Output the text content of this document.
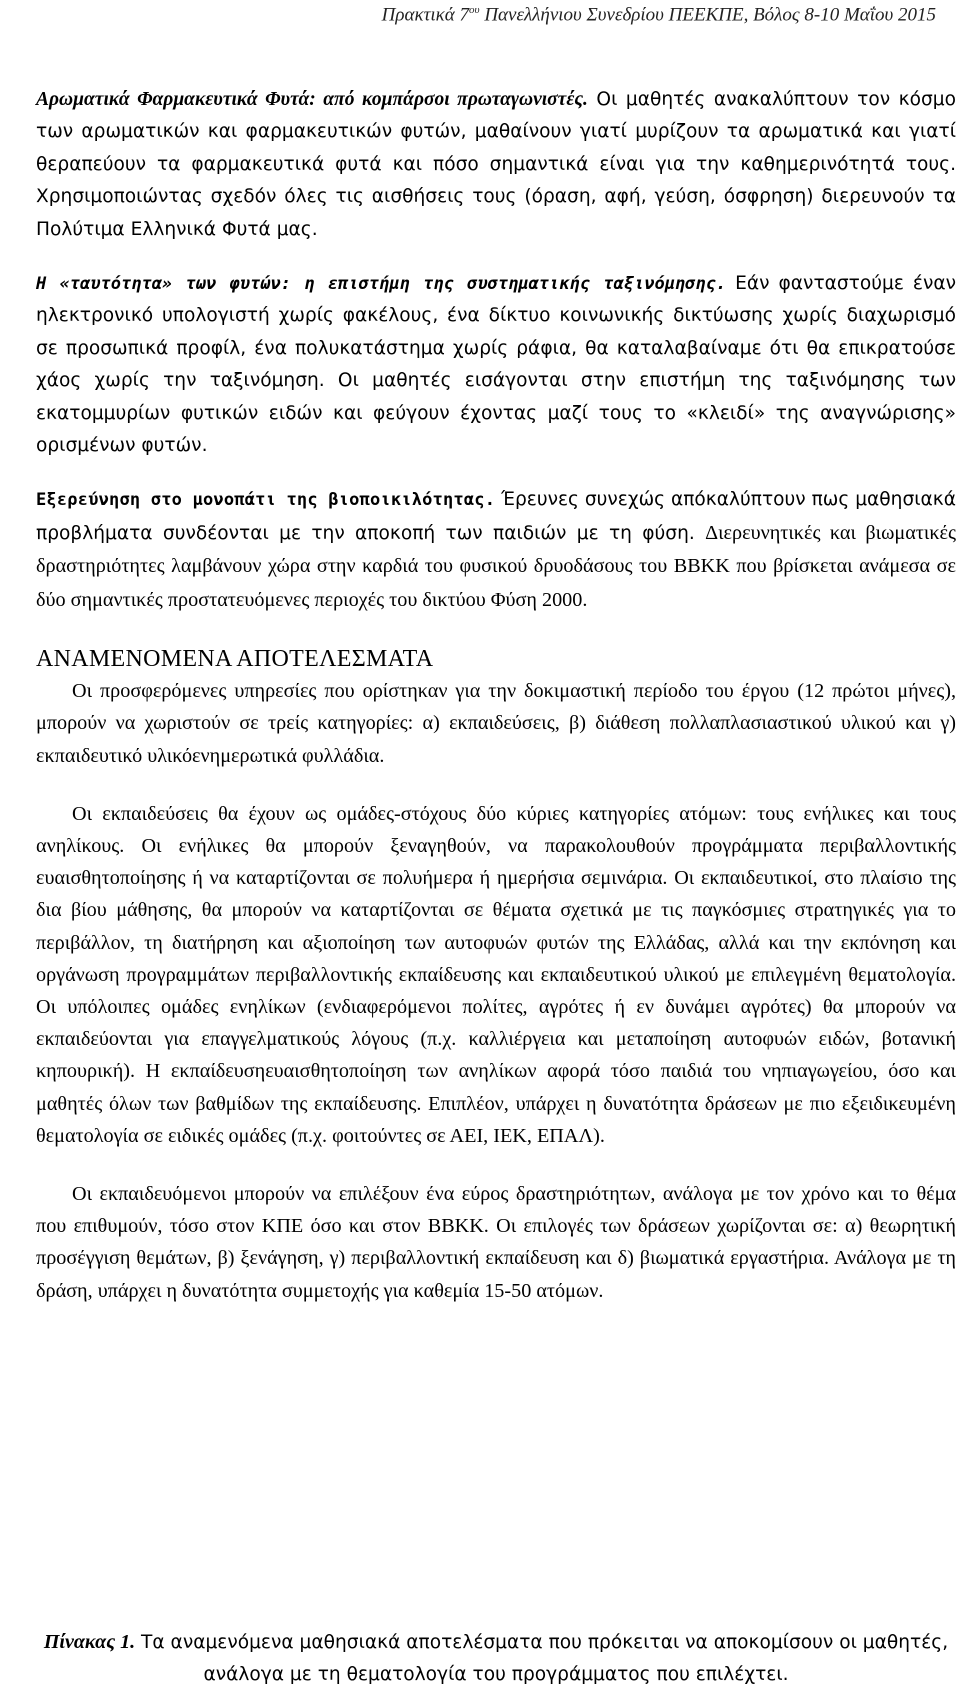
Πρακτικά $7^{o\upsilon}$ Πανελλήνιου Συνεδρίου ΠΕΕΚΠΕ, Βόλος 8-10 Μαΐου 2015

Αρωματικά Φαρμακευτικά Φυτά: από κομπάρσοι πρωταγωνιστές. Οι μαθητές ανακαλύπτουν τον κόσμο των αρωματικών και φαρμακευτικών φυτών, μαθαίνουν γιατί μυρίζουν τα αρωματικά και γιατί θεραπεύουν τα φαρμακευτικά φυτά και πόσο σημαντικά είναι για την καθημερινότητά τους. Χρησιμοποιώντας σχεδόν όλες τις αισθήσεις τους (όραση, αφή, γεύση, όσφρηση) διερευνούν τα Πολύτιμα Ελληνικά Φυτά μας.

Η «ταυτότητα» των φυτών: η επιστήμη της συστηματικής ταξινόμησης. Εάν φανταστούμε έναν ηλεκτρονικό υπολογιστή χωρίς φακέλους, ένα δίκτυο κοινωνικής δικτύωσης χωρίς διαχωρισμό σε προσωπικά προφίλ, ένα πολυκατάστημα χωρίς ράφια, θα καταλαβαίναμε ότι θα επικρατούσε χάος χωρίς την ταξινόμηση. Οι μαθητές εισάγονται στην επιστήμη της ταξινόμησης των εκατομμυρίων φυτικών ειδών και φεύγουν έχοντας μαζί τους το «κλειδί» της αναγνώρισης» ορισμένων φυτών.

Εξερεύνηση στο μονοπάτι της βιοποικιλότητας. Έρευνες συνεχώς απόκαλύπτουν πως μαθησιακά προβλήματα συνδέονται με την αποκοπή των παιδιών με τη φύση. Διερευνητικές και βιωματικές δραστηριότητες λαμβάνουν χώρα στην καρδιά του φυσικού δρυοδάσους του ΒΒΚΚ που βρίσκεται ανάμεσα σε δύο σημαντικές προστατευόμενες περιοχές του δικτύου Φύση 2000.

ΑΝΑΜΕΝΟΜΕΝΑ ΑΠΟΤΕΛΕΣΜΑΤΑ

Οι προσφερόμενες υπηρεσίες που ορίστηκαν για την δοκιμαστική περίοδο του έργου (12 πρώτοι μήνες), μπορούν να χωριστούν σε τρείς κατηγορίες: α) εκπαιδεύσεις, β) διάθεση πολλαπλασιαστικού υλικού και γ) εκπαιδευτικό υλικόενημερωτικά φυλλάδια.

Οι εκπαιδεύσεις θα έχουν ως ομάδες-στόχους δύο κύριες κατηγορίες ατόμων: τους ενήλικες και τους ανηλίκους. Οι ενήλικες θα μπορούν ξεναγηθούν, να παρακολουθούν προγράμματα περιβαλλοντικής ευαισθητοποίησης ή να καταρτίζονται σε πολυήμερα ή ημερήσια σεμινάρια. Οι εκπαιδευτικοί, στο πλαίσιο της δια βίου μάθησης, θα μπορούν να καταρτίζονται σε θέματα σχετικά με τις παγκόσμιες στρατηγικές για το περιβάλλον, τη διατήρηση και αξιοποίηση των αυτοφυών φυτών της Ελλάδας, αλλά και την εκπόνηση και οργάνωση προγραμμάτων περιβαλλοντικής εκπαίδευσης και εκπαιδευτικού υλικού με επιλεγμένη θεματολογία. Οι υπόλοιπες ομάδες ενηλίκων (ενδιαφερόμενοι πολίτες, αγρότες ή εν δυνάμει αγρότες) θα μπορούν να εκπαιδεύονται για επαγγελματικούς λόγους (π.χ. καλλιέργεια και μεταποίηση αυτοφυών ειδών, βοτανική κηπουρική). Η εκπαίδευσηευαισθητοποίηση των ανηλίκων αφορά τόσο παιδιά του νηπιαγωγείου, όσο και μαθητές όλων των βαθμίδων της εκπαίδευσης. Επιπλέον, υπάρχει η δυνατότητα δράσεων με πιο εξειδικευμένη θεματολογία σε ειδικές ομάδες (π.χ. φοιτούντες σε ΑΕΙ, ΙΕΚ, ΕΠΑΛ).

Οι εκπαιδευόμενοι μπορούν να επιλέξουν ένα εύρος δραστηριότητων, ανάλογα με τον χρόνο και το θέμα που επιθυμούν, τόσο στον ΚΠΕ όσο και στον ΒΒΚΚ. Οι επιλογές των δράσεων χωρίζονται σε: α) θεωρητική προσέγγιση θεμάτων, β) ξενάγηση, γ) περιβαλλοντική εκπαίδευση και δ) βιωματικά εργαστήρια. Ανάλογα με τη δράση, υπάρχει η δυνατότητα συμμετοχής για καθεμία 15-50 ατόμων.

Πίνακας 1. Τα αναμενόμενα μαθησιακά αποτελέσματα που πρόκειται να αποκομίσουν οι μαθητές, ανάλογα με τη θεματολογία του προγράμματος που επιλέχτει.
